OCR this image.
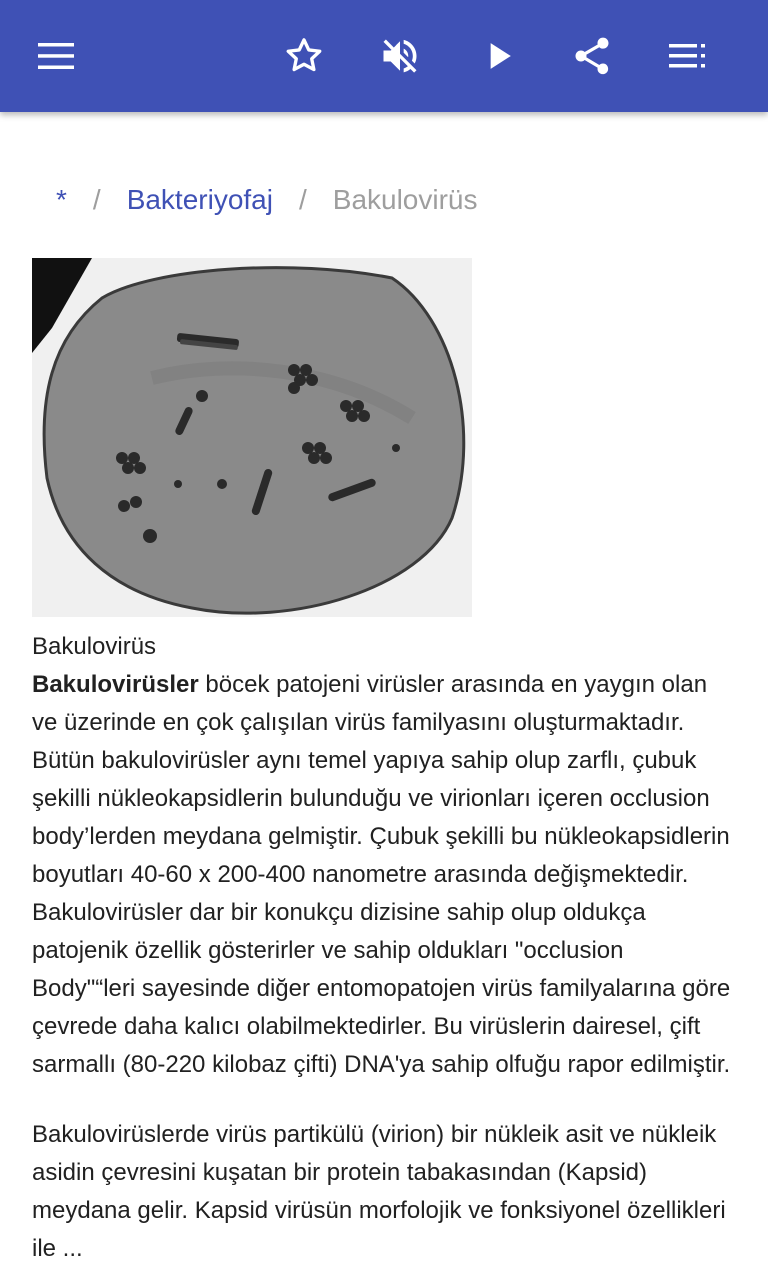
* / Bakteriyofaj / Bakulovirüs
Bakulovirüs

Bakulovirüsler böcek patojeni virüsler arasında en yaygın olan ve üzerinde en çok çalışılan virüs familyasını oluşturmaktadır. Bütün bakulovirüsler aynı temel yapıya sahip olup zarflı, çubuk şekilli nükleokapsidlerin bulunduğu ve virionları içeren occlusion body’lerden meydana gelmiştir. Çubuk şekilli bu nükleokapsidlerin boyutları 40-60 x 200-400 nanometre arasında değişmektedir. Bakulovirüsler dar bir konukçu dizisine sahip olup oldukça patojenik özellik gösterirler ve sahip oldukları "occlusion Body"“leri sayesinde diğer entomopatojen virüs familyalarına göre çevrede daha kalıcı olabilmektedirler. Bu virüslerin dairesel, çift sarmallı (80-220 kilobaz çifti) DNA'ya sahip olfuğu rapor edilmiştir.

Bakulovirüslerde virüs partikülü (virion) bir nükleik asit ve nükleik asidin çevresini kuşatan bir protein tabakasından (Kapsid) meydana gelir. Kapsid virüsün morfolojik ve fonksiyonel özellikleri ile ...
